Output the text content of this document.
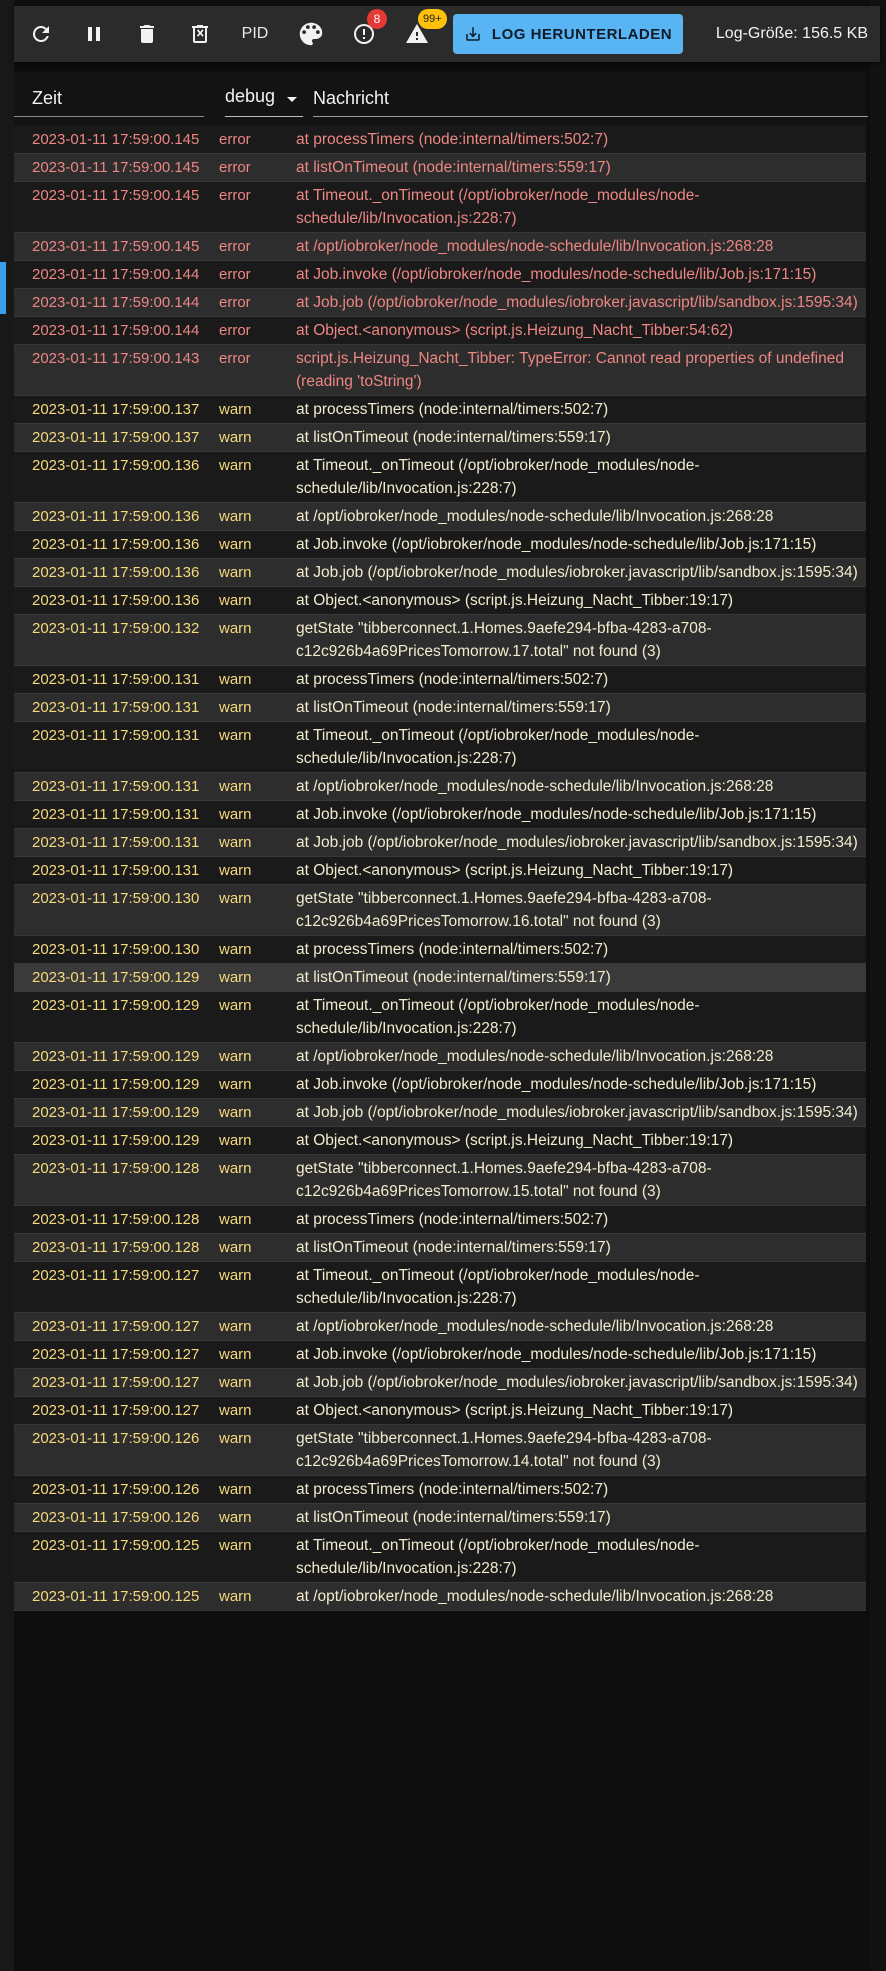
PID
8	99+
LOG HERUNTERLADEN	Log-Größe: 156.5 KB
Zeit	debug	Nachricht
2023-01-11 17:59:00.145	error	at processTimers (node:internal/timers:502:7)
2023-01-11 17:59:00.145	error	at listOnTimeout (node:internal/timers:559:17)
2023-01-11 17:59:00.145	error	at Timeout._onTimeout (/opt/iobroker/node_modules/node-schedule/lib/Invocation.js:228:7)
2023-01-11 17:59:00.145	error	at /opt/iobroker/node_modules/node-schedule/lib/Invocation.js:268:28
2023-01-11 17:59:00.144	error	at Job.invoke (/opt/iobroker/node_modules/node-schedule/lib/Job.js:171:15)
2023-01-11 17:59:00.144	error	at Job.job (/opt/iobroker/node_modules/iobroker.javascript/lib/sandbox.js:1595:34)
2023-01-11 17:59:00.144	error	at Object.<anonymous> (script.js.Heizung_Nacht_Tibber:54:62)
2023-01-11 17:59:00.143	error	script.js.Heizung_Nacht_Tibber: TypeError: Cannot read properties of undefined (reading 'toString')
2023-01-11 17:59:00.137	warn	at processTimers (node:internal/timers:502:7)
2023-01-11 17:59:00.137	warn	at listOnTimeout (node:internal/timers:559:17)
2023-01-11 17:59:00.136	warn	at Timeout._onTimeout (/opt/iobroker/node_modules/node-schedule/lib/Invocation.js:228:7)
2023-01-11 17:59:00.136	warn	at /opt/iobroker/node_modules/node-schedule/lib/Invocation.js:268:28
2023-01-11 17:59:00.136	warn	at Job.invoke (/opt/iobroker/node_modules/node-schedule/lib/Job.js:171:15)
2023-01-11 17:59:00.136	warn	at Job.job (/opt/iobroker/node_modules/iobroker.javascript/lib/sandbox.js:1595:34)
2023-01-11 17:59:00.136	warn	at Object.<anonymous> (script.js.Heizung_Nacht_Tibber:19:17)
2023-01-11 17:59:00.132	warn	getState "tibberconnect.1.Homes.9aefe294-bfba-4283-a708-c12c926b4a69PricesTomorrow.17.total" not found (3)
2023-01-11 17:59:00.131	warn	at processTimers (node:internal/timers:502:7)
2023-01-11 17:59:00.131	warn	at listOnTimeout (node:internal/timers:559:17)
2023-01-11 17:59:00.131	warn	at Timeout._onTimeout (/opt/iobroker/node_modules/node-schedule/lib/Invocation.js:228:7)
2023-01-11 17:59:00.131	warn	at /opt/iobroker/node_modules/node-schedule/lib/Invocation.js:268:28
2023-01-11 17:59:00.131	warn	at Job.invoke (/opt/iobroker/node_modules/node-schedule/lib/Job.js:171:15)
2023-01-11 17:59:00.131	warn	at Job.job (/opt/iobroker/node_modules/iobroker.javascript/lib/sandbox.js:1595:34)
2023-01-11 17:59:00.131	warn	at Object.<anonymous> (script.js.Heizung_Nacht_Tibber:19:17)
2023-01-11 17:59:00.130	warn	getState "tibberconnect.1.Homes.9aefe294-bfba-4283-a708-c12c926b4a69PricesTomorrow.16.total" not found (3)
2023-01-11 17:59:00.130	warn	at processTimers (node:internal/timers:502:7)
2023-01-11 17:59:00.129	warn	at listOnTimeout (node:internal/timers:559:17)
2023-01-11 17:59:00.129	warn	at Timeout._onTimeout (/opt/iobroker/node_modules/node-schedule/lib/Invocation.js:228:7)
2023-01-11 17:59:00.129	warn	at /opt/iobroker/node_modules/node-schedule/lib/Invocation.js:268:28
2023-01-11 17:59:00.129	warn	at Job.invoke (/opt/iobroker/node_modules/node-schedule/lib/Job.js:171:15)
2023-01-11 17:59:00.129	warn	at Job.job (/opt/iobroker/node_modules/iobroker.javascript/lib/sandbox.js:1595:34)
2023-01-11 17:59:00.129	warn	at Object.<anonymous> (script.js.Heizung_Nacht_Tibber:19:17)
2023-01-11 17:59:00.128	warn	getState "tibberconnect.1.Homes.9aefe294-bfba-4283-a708-c12c926b4a69PricesTomorrow.15.total" not found (3)
2023-01-11 17:59:00.128	warn	at processTimers (node:internal/timers:502:7)
2023-01-11 17:59:00.128	warn	at listOnTimeout (node:internal/timers:559:17)
2023-01-11 17:59:00.127	warn	at Timeout._onTimeout (/opt/iobroker/node_modules/node-schedule/lib/Invocation.js:228:7)
2023-01-11 17:59:00.127	warn	at /opt/iobroker/node_modules/node-schedule/lib/Invocation.js:268:28
2023-01-11 17:59:00.127	warn	at Job.invoke (/opt/iobroker/node_modules/node-schedule/lib/Job.js:171:15)
2023-01-11 17:59:00.127	warn	at Job.job (/opt/iobroker/node_modules/iobroker.javascript/lib/sandbox.js:1595:34)
2023-01-11 17:59:00.127	warn	at Object.<anonymous> (script.js.Heizung_Nacht_Tibber:19:17)
2023-01-11 17:59:00.126	warn	getState "tibberconnect.1.Homes.9aefe294-bfba-4283-a708-c12c926b4a69PricesTomorrow.14.total" not found (3)
2023-01-11 17:59:00.126	warn	at processTimers (node:internal/timers:502:7)
2023-01-11 17:59:00.126	warn	at listOnTimeout (node:internal/timers:559:17)
2023-01-11 17:59:00.125	warn	at Timeout._onTimeout (/opt/iobroker/node_modules/node-schedule/lib/Invocation.js:228:7)
2023-01-11 17:59:00.125	warn	at /opt/iobroker/node_modules/node-schedule/lib/Invocation.js:268:28
